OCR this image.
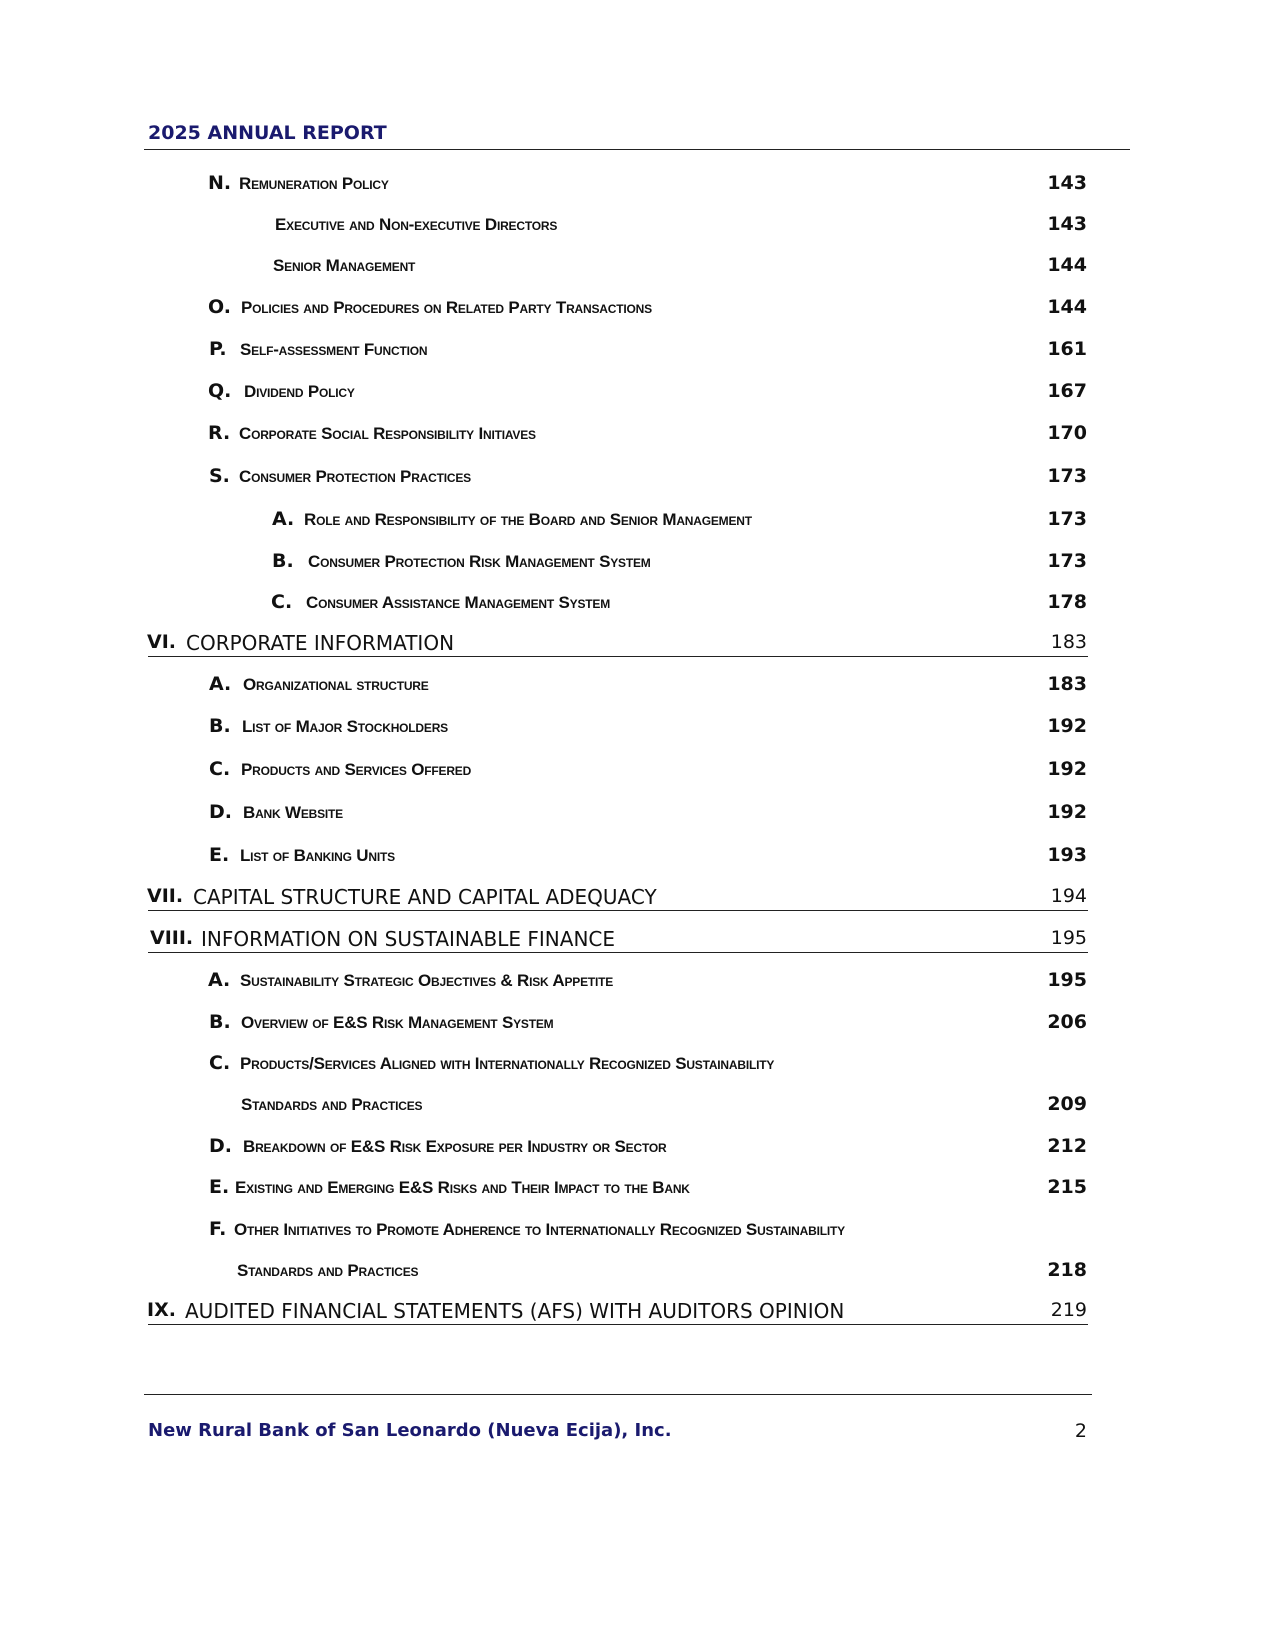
2025 ANNUAL REPORT
N. Remuneration Policy	143
Executive and Non-executive Directors	143
Senior Management	144
O. Policies and Procedures on Related Party Transactions	144
P. Self-assessment Function	161
Q. Dividend Policy	167
R. Corporate Social Responsibility Initiaves	170
S. Consumer Protection Practices	173
A. Role and Responsibility of the Board and Senior Management	173
B. Consumer Protection Risk Management System	173
C. Consumer Assistance Management System	178
VI. CORPORATE INFORMATION	183
A. Organizational structure	183
B. List of Major Stockholders	192
C. Products and Services Offered	192
D. Bank Website	192
E. List of Banking Units	193
VII. CAPITAL STRUCTURE AND CAPITAL ADEQUACY	194
VIII. INFORMATION ON SUSTAINABLE FINANCE	195
A. Sustainability Strategic Objectives & Risk Appetite	195
B. Overview of E&S Risk Management System	206
C. Products/Services Aligned with Internationally Recognized Sustainability
Standards and Practices	209
D. Breakdown of E&S Risk Exposure per Industry or Sector	212
E. Existing and Emerging E&S Risks and Their Impact to the Bank	215
F. Other Initiatives to Promote Adherence to Internationally Recognized Sustainability
Standards and Practices	218
IX. AUDITED FINANCIAL STATEMENTS (AFS) WITH AUDITORS OPINION	219
New Rural Bank of San Leonardo (Nueva Ecija), Inc.	2
